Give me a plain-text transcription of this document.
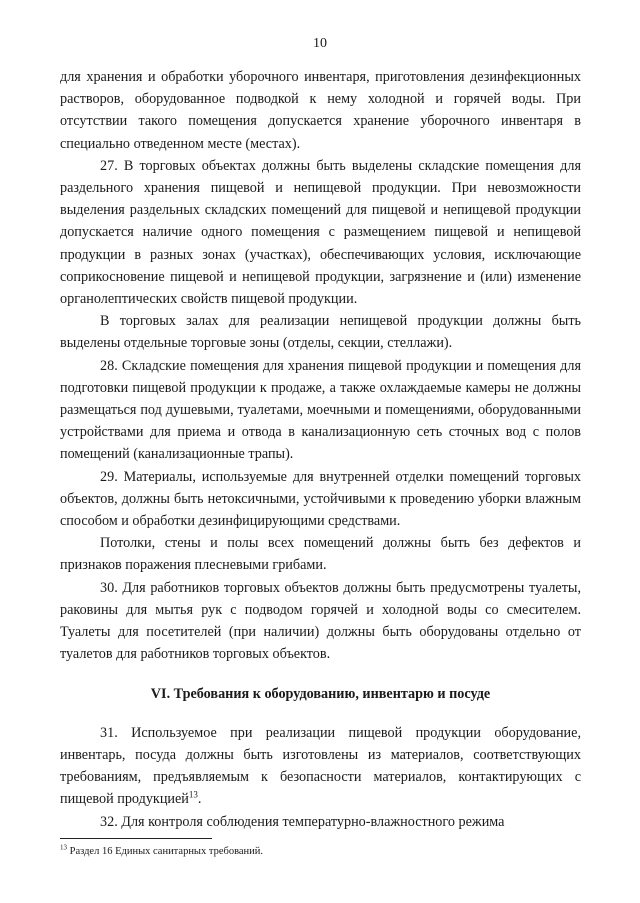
10

для хранения и обработки уборочного инвентаря, приготовления дезинфекционных растворов, оборудованное подводкой к нему холодной и горячей воды. При отсутствии такого помещения допускается хранение уборочного инвентаря в специально отведенном месте (местах).

27. В торговых объектах должны быть выделены складские помещения для раздельного хранения пищевой и непищевой продукции. При невозможности выделения раздельных складских помещений для пищевой и непищевой продукции допускается наличие одного помещения с размещением пищевой и непищевой продукции в разных зонах (участках), обеспечивающих условия, исключающие соприкосновение пищевой и непищевой продукции, загрязнение и (или) изменение органолептических свойств пищевой продукции.

В торговых залах для реализации непищевой продукции должны быть выделены отдельные торговые зоны (отделы, секции, стеллажи).

28. Складские помещения для хранения пищевой продукции и помещения для подготовки пищевой продукции к продаже, а также охлаждаемые камеры не должны размещаться под душевыми, туалетами, моечными и помещениями, оборудованными устройствами для приема и отвода в канализационную сеть сточных вод с полов помещений (канализационные трапы).

29. Материалы, используемые для внутренней отделки помещений торговых объектов, должны быть нетоксичными, устойчивыми к проведению уборки влажным способом и обработки дезинфицирующими средствами.

Потолки, стены и полы всех помещений должны быть без дефектов и признаков поражения плесневыми грибами.

30. Для работников торговых объектов должны быть предусмотрены туалеты, раковины для мытья рук с подводом горячей и холодной воды со смесителем. Туалеты для посетителей (при наличии) должны быть оборудованы отдельно от туалетов для работников торговых объектов.

VI. Требования к оборудованию, инвентарю и посуде

31. Используемое при реализации пищевой продукции оборудование, инвентарь, посуда должны быть изготовлены из материалов, соответствующих требованиям, предъявляемым к безопасности материалов, контактирующих с пищевой продукцией$^{13}$.

32. Для контроля соблюдения температурно-влажностного режима

$^{13}$ Раздел 16 Единых санитарных требований.
